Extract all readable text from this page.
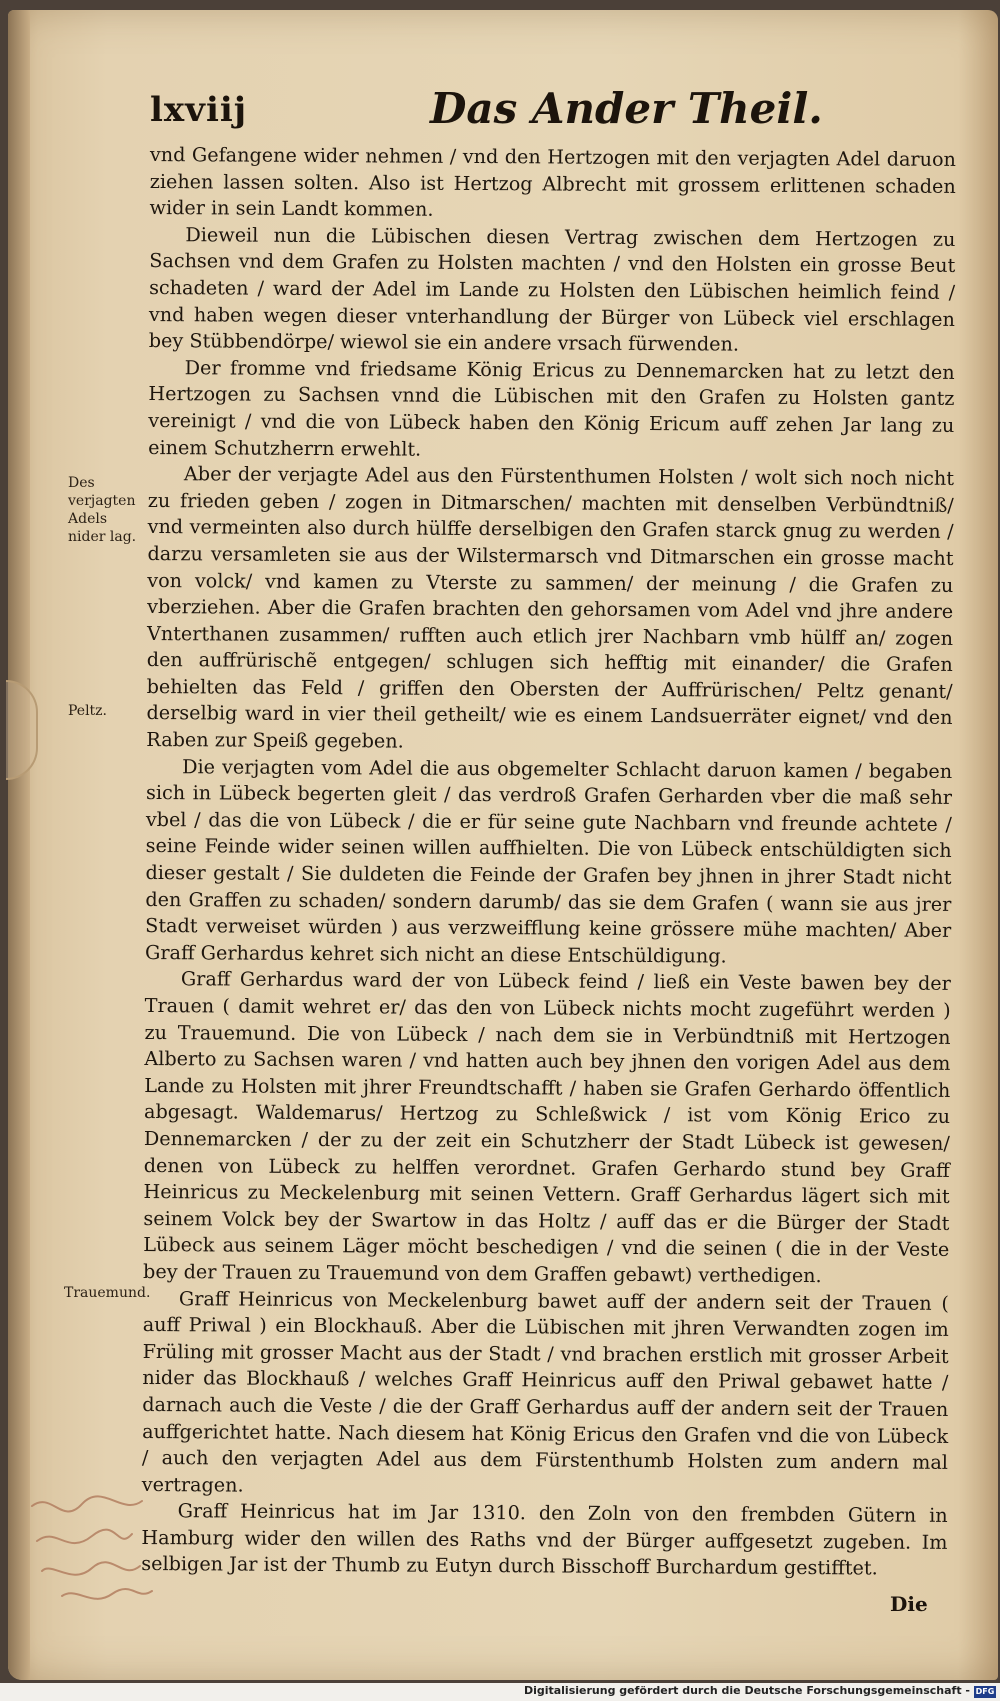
lxviij	Das Ander Theil.

vnd Gefangene wider nehmen / vnd den Hertzogen mit den verjagten Adel daruon ziehen lassen solten. Also ist Hertzog Albrecht mit grossem erlittenen schaden wider in sein Landt kommen.

Dieweil nun die Lübischen diesen Vertrag zwischen dem Hertzogen zu Sachsen vnd dem Grafen zu Holsten machten / vnd den Holsten ein grosse Beut schadeten / ward der Adel im Lande zu Holsten den Lübischen heimlich feind / vnd haben wegen dieser vnterhandlung der Bürger von Lübeck viel erschlagen bey Stübbendörpe/ wiewol sie ein andere vrsach fürwenden.

Der fromme vnd friedsame König Ericus zu Dennemarcken hat zu letzt den Hertzogen zu Sachsen vnnd die Lübischen mit den Grafen zu Holsten gantz vereinigt / vnd die von Lübeck haben den König Ericum auff zehen Jar lang zu einem Schutzherrn erwehlt.

Aber der verjagte Adel aus den Fürstenthumen Holsten / wolt sich noch nicht zu frieden geben / zogen in Ditmarschen/ machten mit denselben Verbündtniß/ vnd vermeinten also durch hülffe derselbigen den Grafen starck gnug zu werden / darzu versamleten sie aus der Wilstermarsch vnd Ditmarschen ein grosse macht von volck/ vnd kamen zu Vterste zu sammen/ der meinung / die Grafen zu vberziehen. Aber die Grafen brachten den gehorsamen vom Adel vnd jhre andere Vnterthanen zusammen/ rufften auch etlich jrer Nachbarn vmb hülff an/ zogen den auffrürischẽ entgegen/ schlugen sich hefftig mit einander/ die Grafen behielten das Feld / griffen den Obersten der Auffrürischen/ Peltz genant/ derselbig ward in vier theil getheilt/ wie es einem Landsuerräter eignet/ vnd den Raben zur Speiß gegeben.

Die verjagten vom Adel die aus obgemelter Schlacht daruon kamen / begaben sich in Lübeck begerten gleit / das verdroß Grafen Gerharden vber die maß sehr vbel / das die von Lübeck / die er für seine gute Nachbarn vnd freunde achtete / seine Feinde wider seinen willen auffhielten. Die von Lübeck entschüldigten sich dieser gestalt / Sie duldeten die Feinde der Grafen bey jhnen in jhrer Stadt nicht den Graffen zu schaden/ sondern darumb/ das sie dem Grafen ( wann sie aus jrer Stadt verweiset würden ) aus verzweifflung keine grössere mühe machten/ Aber Graff Gerhardus kehret sich nicht an diese Entschüldigung.

Graff Gerhardus ward der von Lübeck feind / ließ ein Veste bawen bey der Trauen ( damit wehret er/ das den von Lübeck nichts mocht zugeführt werden ) zu Trauemund. Die von Lübeck / nach dem sie in Verbündtniß mit Hertzogen Alberto zu Sachsen waren / vnd hatten auch bey jhnen den vorigen Adel aus dem Lande zu Holsten mit jhrer Freundtschafft / haben sie Grafen Gerhardo öffentlich abgesagt. Waldemarus/ Hertzog zu Schleßwick / ist vom König Erico zu Dennemarcken / der zu der zeit ein Schutzherr der Stadt Lübeck ist gewesen/ denen von Lübeck zu helffen verordnet. Grafen Gerhardo stund bey Graff Heinricus zu Meckelenburg mit seinen Vettern. Graff Gerhardus lägert sich mit seinem Volck bey der Swartow in das Holtz / auff das er die Bürger der Stadt Lübeck aus seinem Läger möcht beschedigen / vnd die seinen ( die in der Veste bey der Trauen zu Trauemund von dem Graffen gebawt) verthedigen.

Graff Heinricus von Meckelenburg bawet auff der andern seit der Trauen ( auff Priwal ) ein Blockhauß. Aber die Lübischen mit jhren Verwandten zogen im Früling mit grosser Macht aus der Stadt / vnd brachen erstlich mit grosser Arbeit nider das Blockhauß / welches Graff Heinricus auff den Priwal gebawet hatte / darnach auch die Veste / die der Graff Gerhardus auff der andern seit der Trauen auffgerichtet hatte. Nach diesem hat König Ericus den Grafen vnd die von Lübeck / auch den verjagten Adel aus dem Fürstenthumb Holsten zum andern mal vertragen.

Graff Heinricus hat im Jar 1310. den Zoln von den frembden Gütern in Hamburg wider den willen des Raths vnd der Bürger auffgesetzt zugeben. Im selbigen Jar ist der Thumb zu Eutyn durch Bisschoff Burchardum gestifftet.

Des verjagten Adels nider lag.
Peltz.
Trauemund.
Die
Digitalisierung gefördert durch die Deutsche Forschungsgemeinschaft - DFG
